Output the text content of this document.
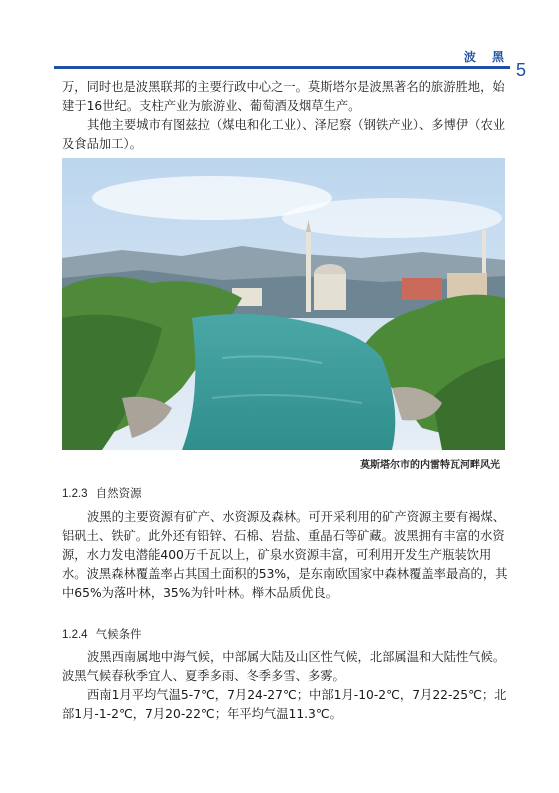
波 黑
5

万，同时也是波黑联邦的主要行政中心之一。莫斯塔尔是波黑著名的旅游胜地，始建于16世纪。支柱产业为旅游业、葡萄酒及烟草生产。

其他主要城市有图兹拉（煤电和化工业）、泽尼察（钢铁产业）、多博伊（农业及食品加工）。

莫斯塔尔市的内雷特瓦河畔风光
1.2.3 自然资源

波黑的主要资源有矿产、水资源及森林。可开采利用的矿产资源主要有褐煤、铝矾土、铁矿。此外还有铅锌、石棉、岩盐、重晶石等矿藏。波黑拥有丰富的水资源，水力发电潜能400万千瓦以上，矿泉水资源丰富，可利用开发生产瓶装饮用水。波黑森林覆盖率占其国土面积的53%，是东南欧国家中森林覆盖率最高的，其中65%为落叶林，35%为针叶林。榉木品质优良。

1.2.4 气候条件

波黑西南属地中海气候，中部属大陆及山区性气候，北部属温和大陆性气候。波黑气候春秋季宜人、夏季多雨、冬季多雪、多雾。

西南1月平均气温5-7℃，7月24-27℃；中部1月-10-2℃，7月22-25℃；北部1月-1-2℃，7月20-22℃；年平均气温11.3℃。
